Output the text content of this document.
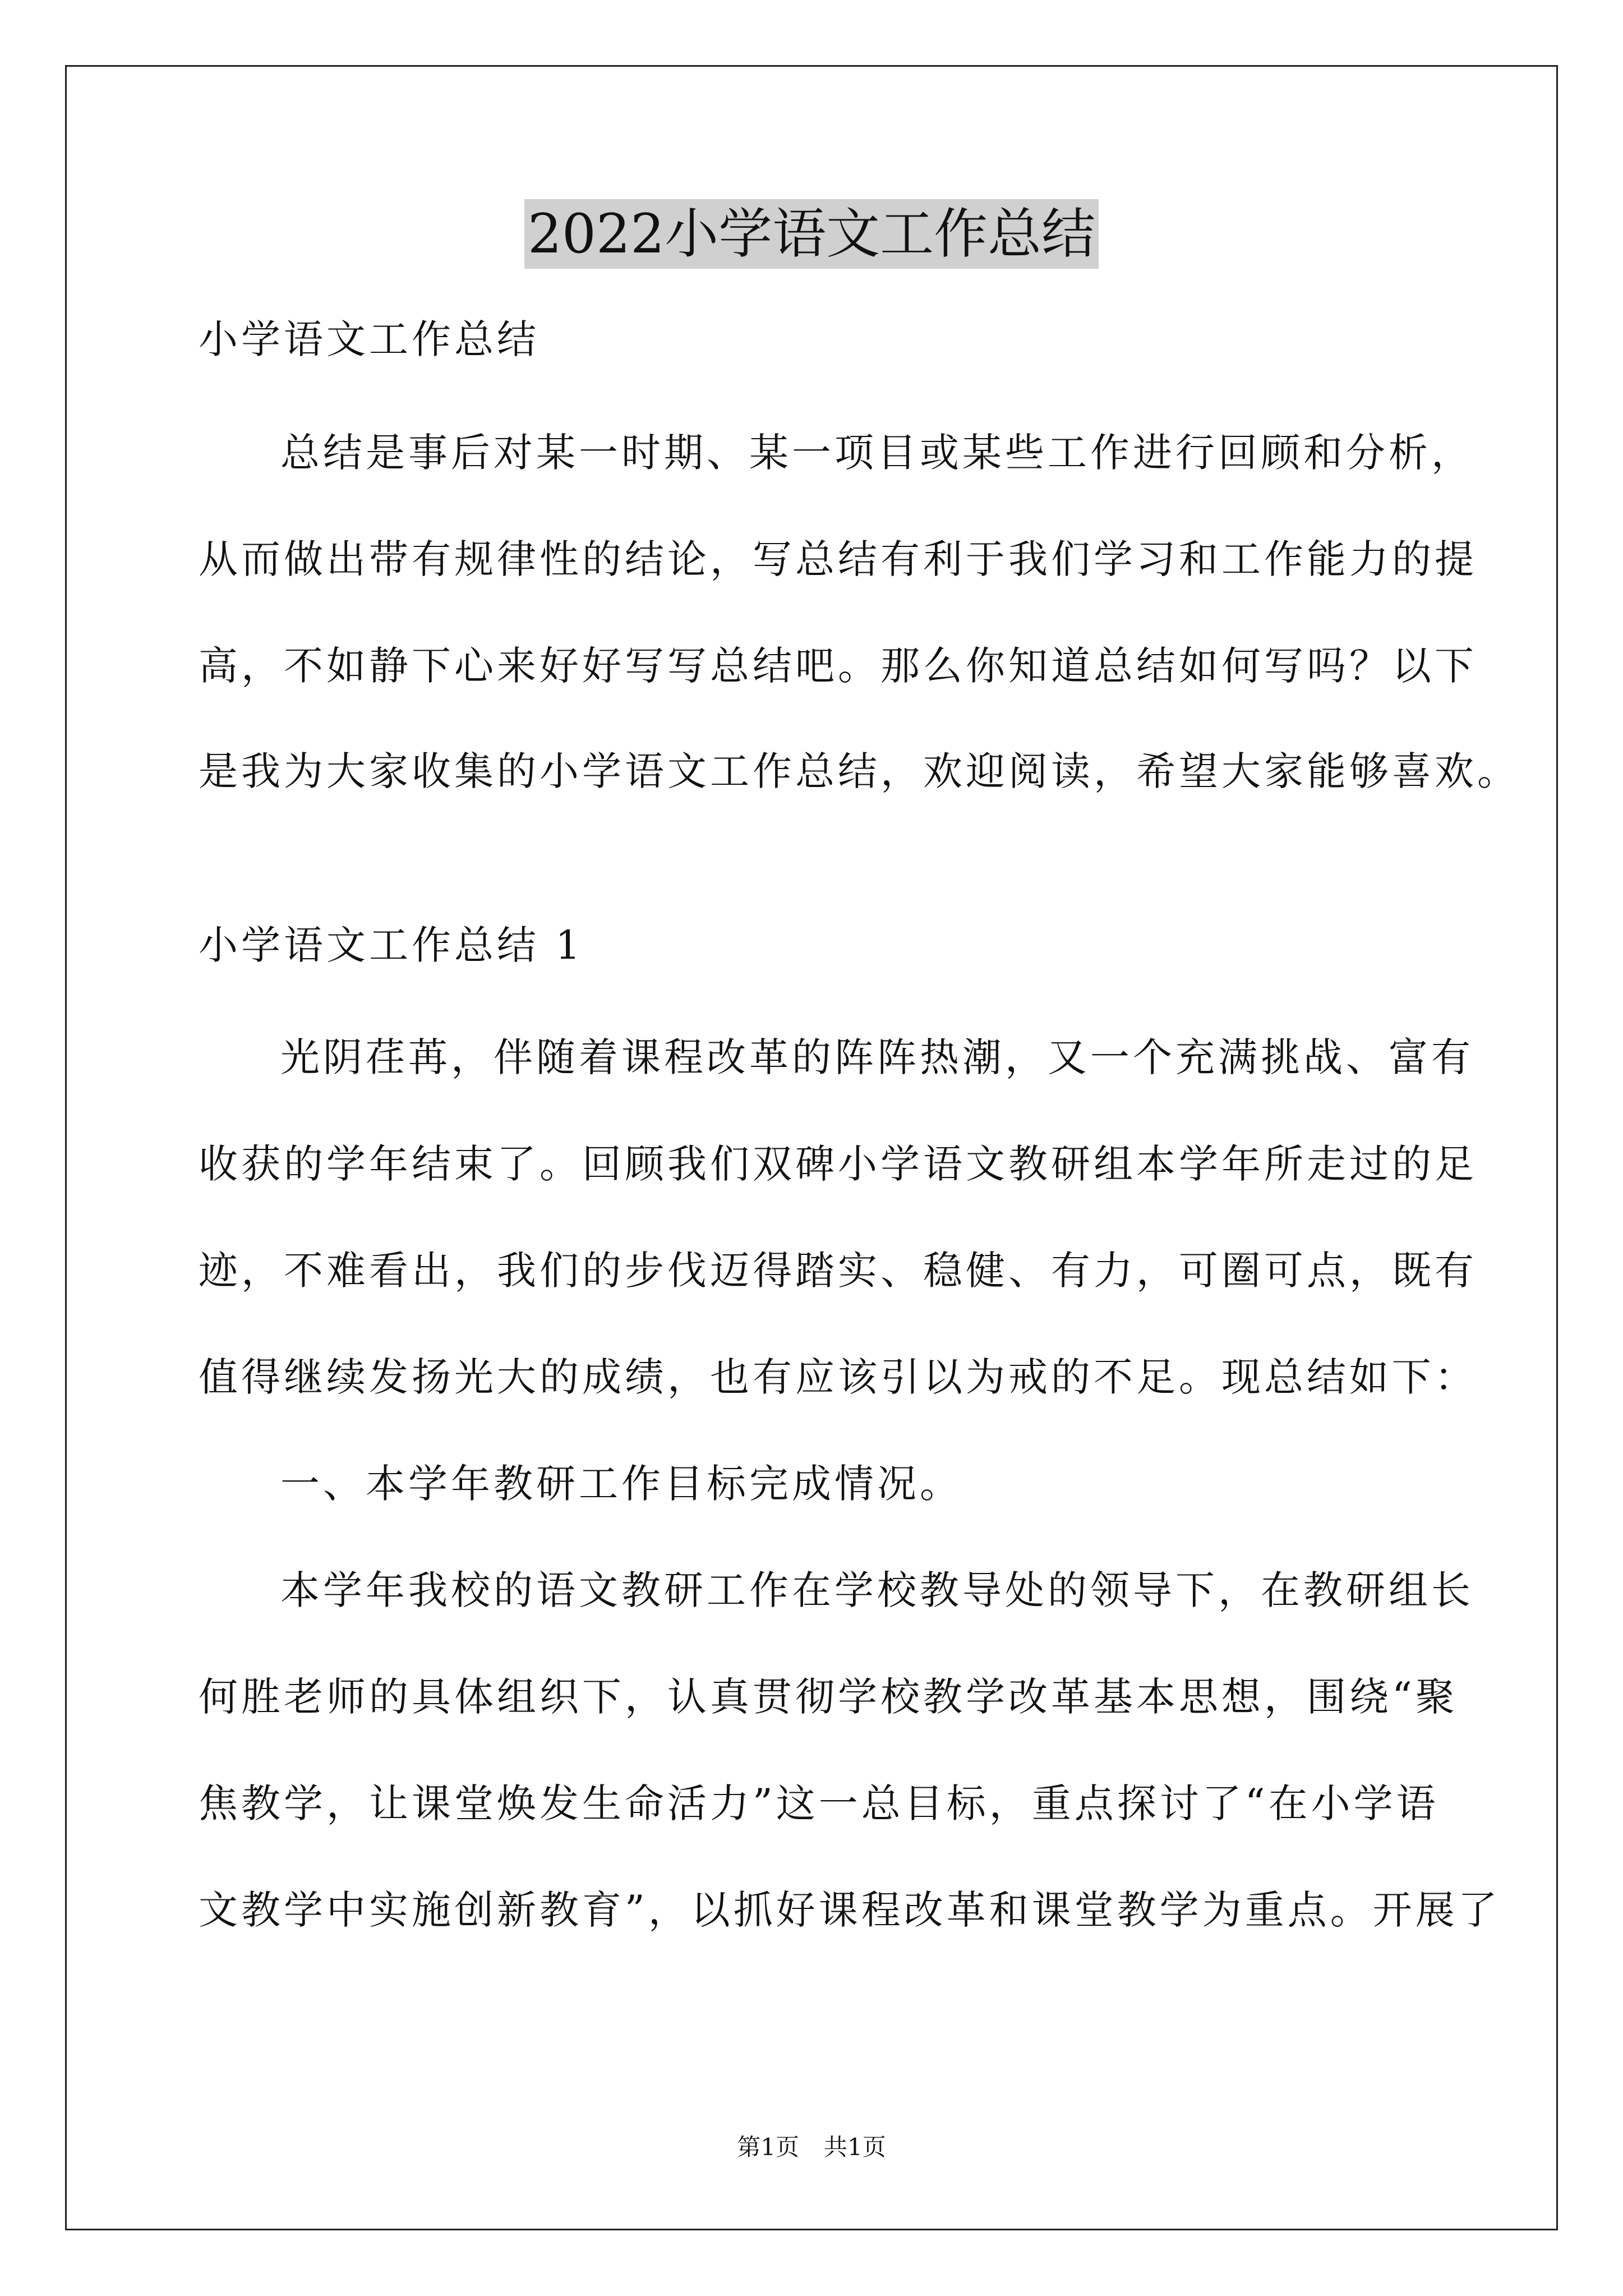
2022小学语文工作总结
小学语文工作总结
总结是事后对某一时期、某一项目或某些工作进行回顾和分析，
从而做出带有规律性的结论，写总结有利于我们学习和工作能力的提
高，不如静下心来好好写写总结吧。那么你知道总结如何写吗？以下
是我为大家收集的小学语文工作总结，欢迎阅读，希望大家能够喜欢。
小学语文工作总结 1
光阴荏苒，伴随着课程改革的阵阵热潮，又一个充满挑战、富有
收获的学年结束了。回顾我们双碑小学语文教研组本学年所走过的足
迹，不难看出，我们的步伐迈得踏实、稳健、有力，可圈可点，既有
值得继续发扬光大的成绩，也有应该引以为戒的不足。现总结如下：
一、本学年教研工作目标完成情况。
本学年我校的语文教研工作在学校教导处的领导下，在教研组长
何胜老师的具体组织下，认真贯彻学校教学改革基本思想，围绕“聚
焦教学，让课堂焕发生命活力”这一总目标，重点探讨了“在小学语
文教学中实施创新教育”，以抓好课程改革和课堂教学为重点。开展了
第1页 共1页
